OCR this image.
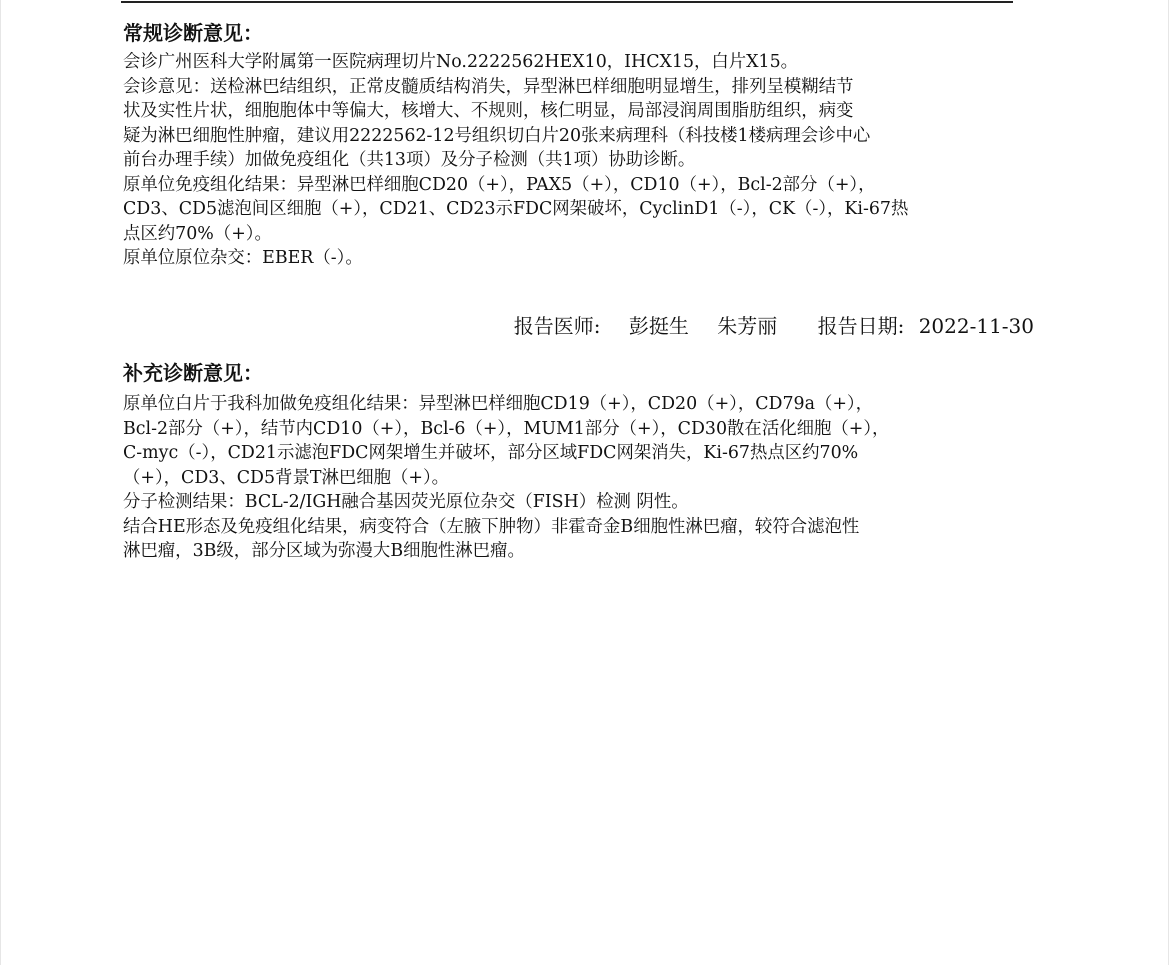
常规诊断意见：

会诊广州医科大学附属第一医院病理切片No.2222562HEX10，IHCX15，白片X15。

会诊意见：送检淋巴结组织，正常皮髓质结构消失，异型淋巴样细胞明显增生，排列呈模糊结节

状及实性片状，细胞胞体中等偏大，核增大、不规则，核仁明显，局部浸润周围脂肪组织，病变

疑为淋巴细胞性肿瘤，建议用2222562-12号组织切白片20张来病理科（科技楼1楼病理会诊中心

前台办理手续）加做免疫组化（共13项）及分子检测（共1项）协助诊断。

原单位免疫组化结果：异型淋巴样细胞CD20（+），PAX5（+），CD10（+），Bcl-2部分（+），

CD3、CD5滤泡间区细胞（+），CD21、CD23示FDC网架破坏，CyclinD1（-），CK（-），Ki-67热

点区约70%（+）。

原单位原位杂交：EBER（-）。

报告医师: 彭挺生 朱芳丽 报告日期: 2022-11-30

补充诊断意见：

原单位白片于我科加做免疫组化结果：异型淋巴样细胞CD19（+），CD20（+），CD79a（+），

Bcl-2部分（+），结节内CD10（+），Bcl-6（+），MUM1部分（+），CD30散在活化细胞（+），

C-myc（-），CD21示滤泡FDC网架增生并破坏，部分区域FDC网架消失，Ki-67热点区约70%

（+），CD3、CD5背景T淋巴细胞（+）。

分子检测结果：BCL-2/IGH融合基因荧光原位杂交（FISH）检测 阴性。

结合HE形态及免疫组化结果，病变符合（左腋下肿物）非霍奇金B细胞性淋巴瘤，较符合滤泡性

淋巴瘤，3B级，部分区域为弥漫大B细胞性淋巴瘤。
